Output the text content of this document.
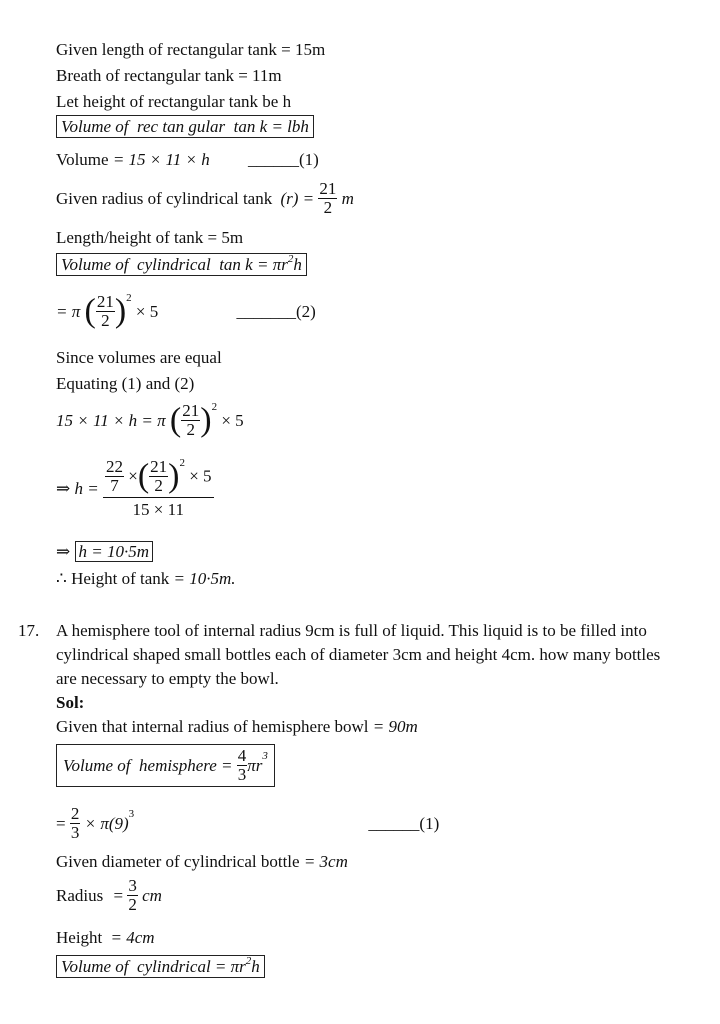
Given length of rectangular tank = 15m
Breath of rectangular tank = 11m
Let height of rectangular tank be h
Volume of rec tan gular tan k = lbh
Volume = 15 × 11 × h ______(1)
Given radius of cylindrical tank $(r) = \frac{21}{2}$ m
Length/height of tank = 5m
Volume of cylindrical $\tan k = \pi r^2h$
= π ( $\frac{21}{2} )^2 \times 5$	_______(2)
Since volumes are equal
Equating (1) and (2)
15 × 11 × h = π ( $\frac{21}{2} )^2 \times 5$
⇒ $h = \frac{22}{7}$ ×( $\frac{21}{2} )^2 \times 5$
15 × 11
⇒ h = 10·5m
∴ Height of tank = 10·5m.
17. A hemisphere tool of internal radius 9cm is full of liquid. This liquid is to be filled into
cylindrical shaped small bottles each of diameter 3cm and height 4cm. how many bottles
are necessary to empty the bowl.
Sol:
Given that internal radius of hemisphere bowl = 90m
Volume of hemisphere = $\frac{4}{3} \pi r^3$
= $\frac{2}{3} \times \pi(9)^3$	______(1)
Given diameter of cylindrical bottle = 3cm
Radius = $\frac{3}{2}$ cm
Height = 4cm
Volume of cylindrical = $\pi r^2h$
